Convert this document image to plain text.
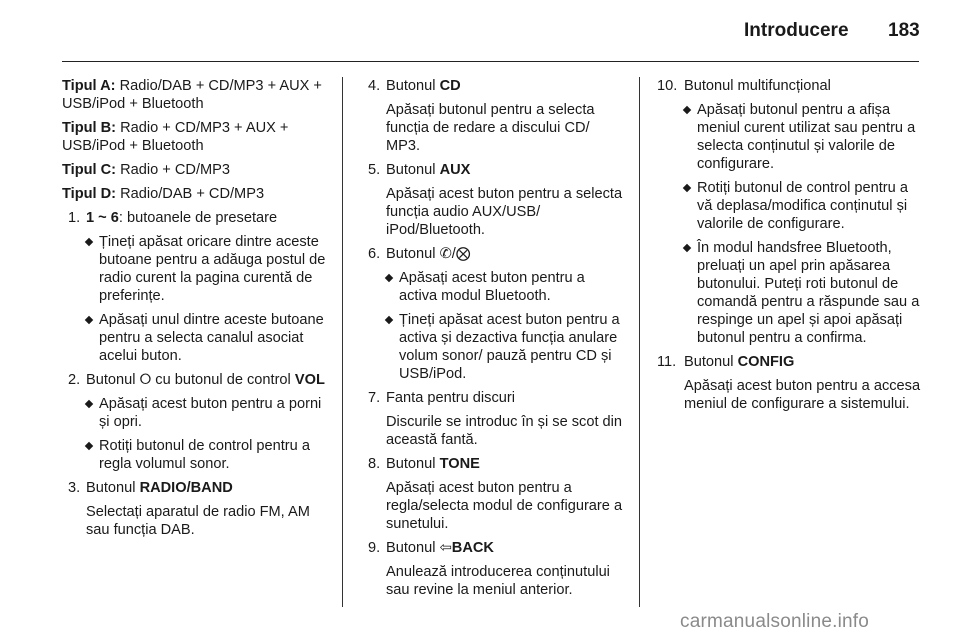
Introducere 183

Tipul A: Radio/DAB + CD/MP3 + AUX + USB/iPod + Bluetooth

Tipul B: Radio + CD/MP3 + AUX + USB/iPod + Bluetooth

Tipul C: Radio + CD/MP3

Tipul D: Radio/DAB + CD/MP3

1. 1 ~ 6: butoanele de presetare
Țineți apăsat oricare dintre aceste butoane pentru a adăuga postul de radio curent la pagina curentă de preferințe.
Apăsați unul dintre aceste butoane pentru a selecta canalul asociat acelui buton.
2. Butonul ⭘ cu butonul de control VOL
Apăsați acest buton pentru a porni și opri.
Rotiți butonul de control pentru a regla volumul sonor.
3. Butonul RADIO/BAND
Selectați aparatul de radio FM, AM sau funcția DAB.
4. Butonul CD
Apăsați butonul pentru a selecta funcția de redare a discului CD/ MP3.
5. Butonul AUX
Apăsați acest buton pentru a selecta funcția audio AUX/USB/ iPod/Bluetooth.
6. Butonul ✆/⨂
Apăsați acest buton pentru a activa modul Bluetooth.
Țineți apăsat acest buton pentru a activa și dezactiva funcția anulare volum sonor/ pauză pentru CD și USB/iPod.
7. Fanta pentru discuri
Discurile se introduc în și se scot din această fantă.
8. Butonul TONE
Apăsați acest buton pentru a regla/selecta modul de configurare a sunetului.
9. Butonul ⇦BACK
Anulează introducerea conținutului sau revine la meniul anterior.
10. Butonul multifuncțional
Apăsați butonul pentru a afișa meniul curent utilizat sau pentru a selecta conținutul și valorile de configurare.
Rotiți butonul de control pentru a vă deplasa/modifica conținutul și valorile de configurare.
În modul handsfree Bluetooth, preluați un apel prin apăsarea butonului. Puteți roti butonul de comandă pentru a răspunde sau a respinge un apel și apoi apăsați butonul pentru a confirma.
11. Butonul CONFIG
Apăsați acest buton pentru a accesa meniul de configurare a sistemului.
carmanualsonline.info
